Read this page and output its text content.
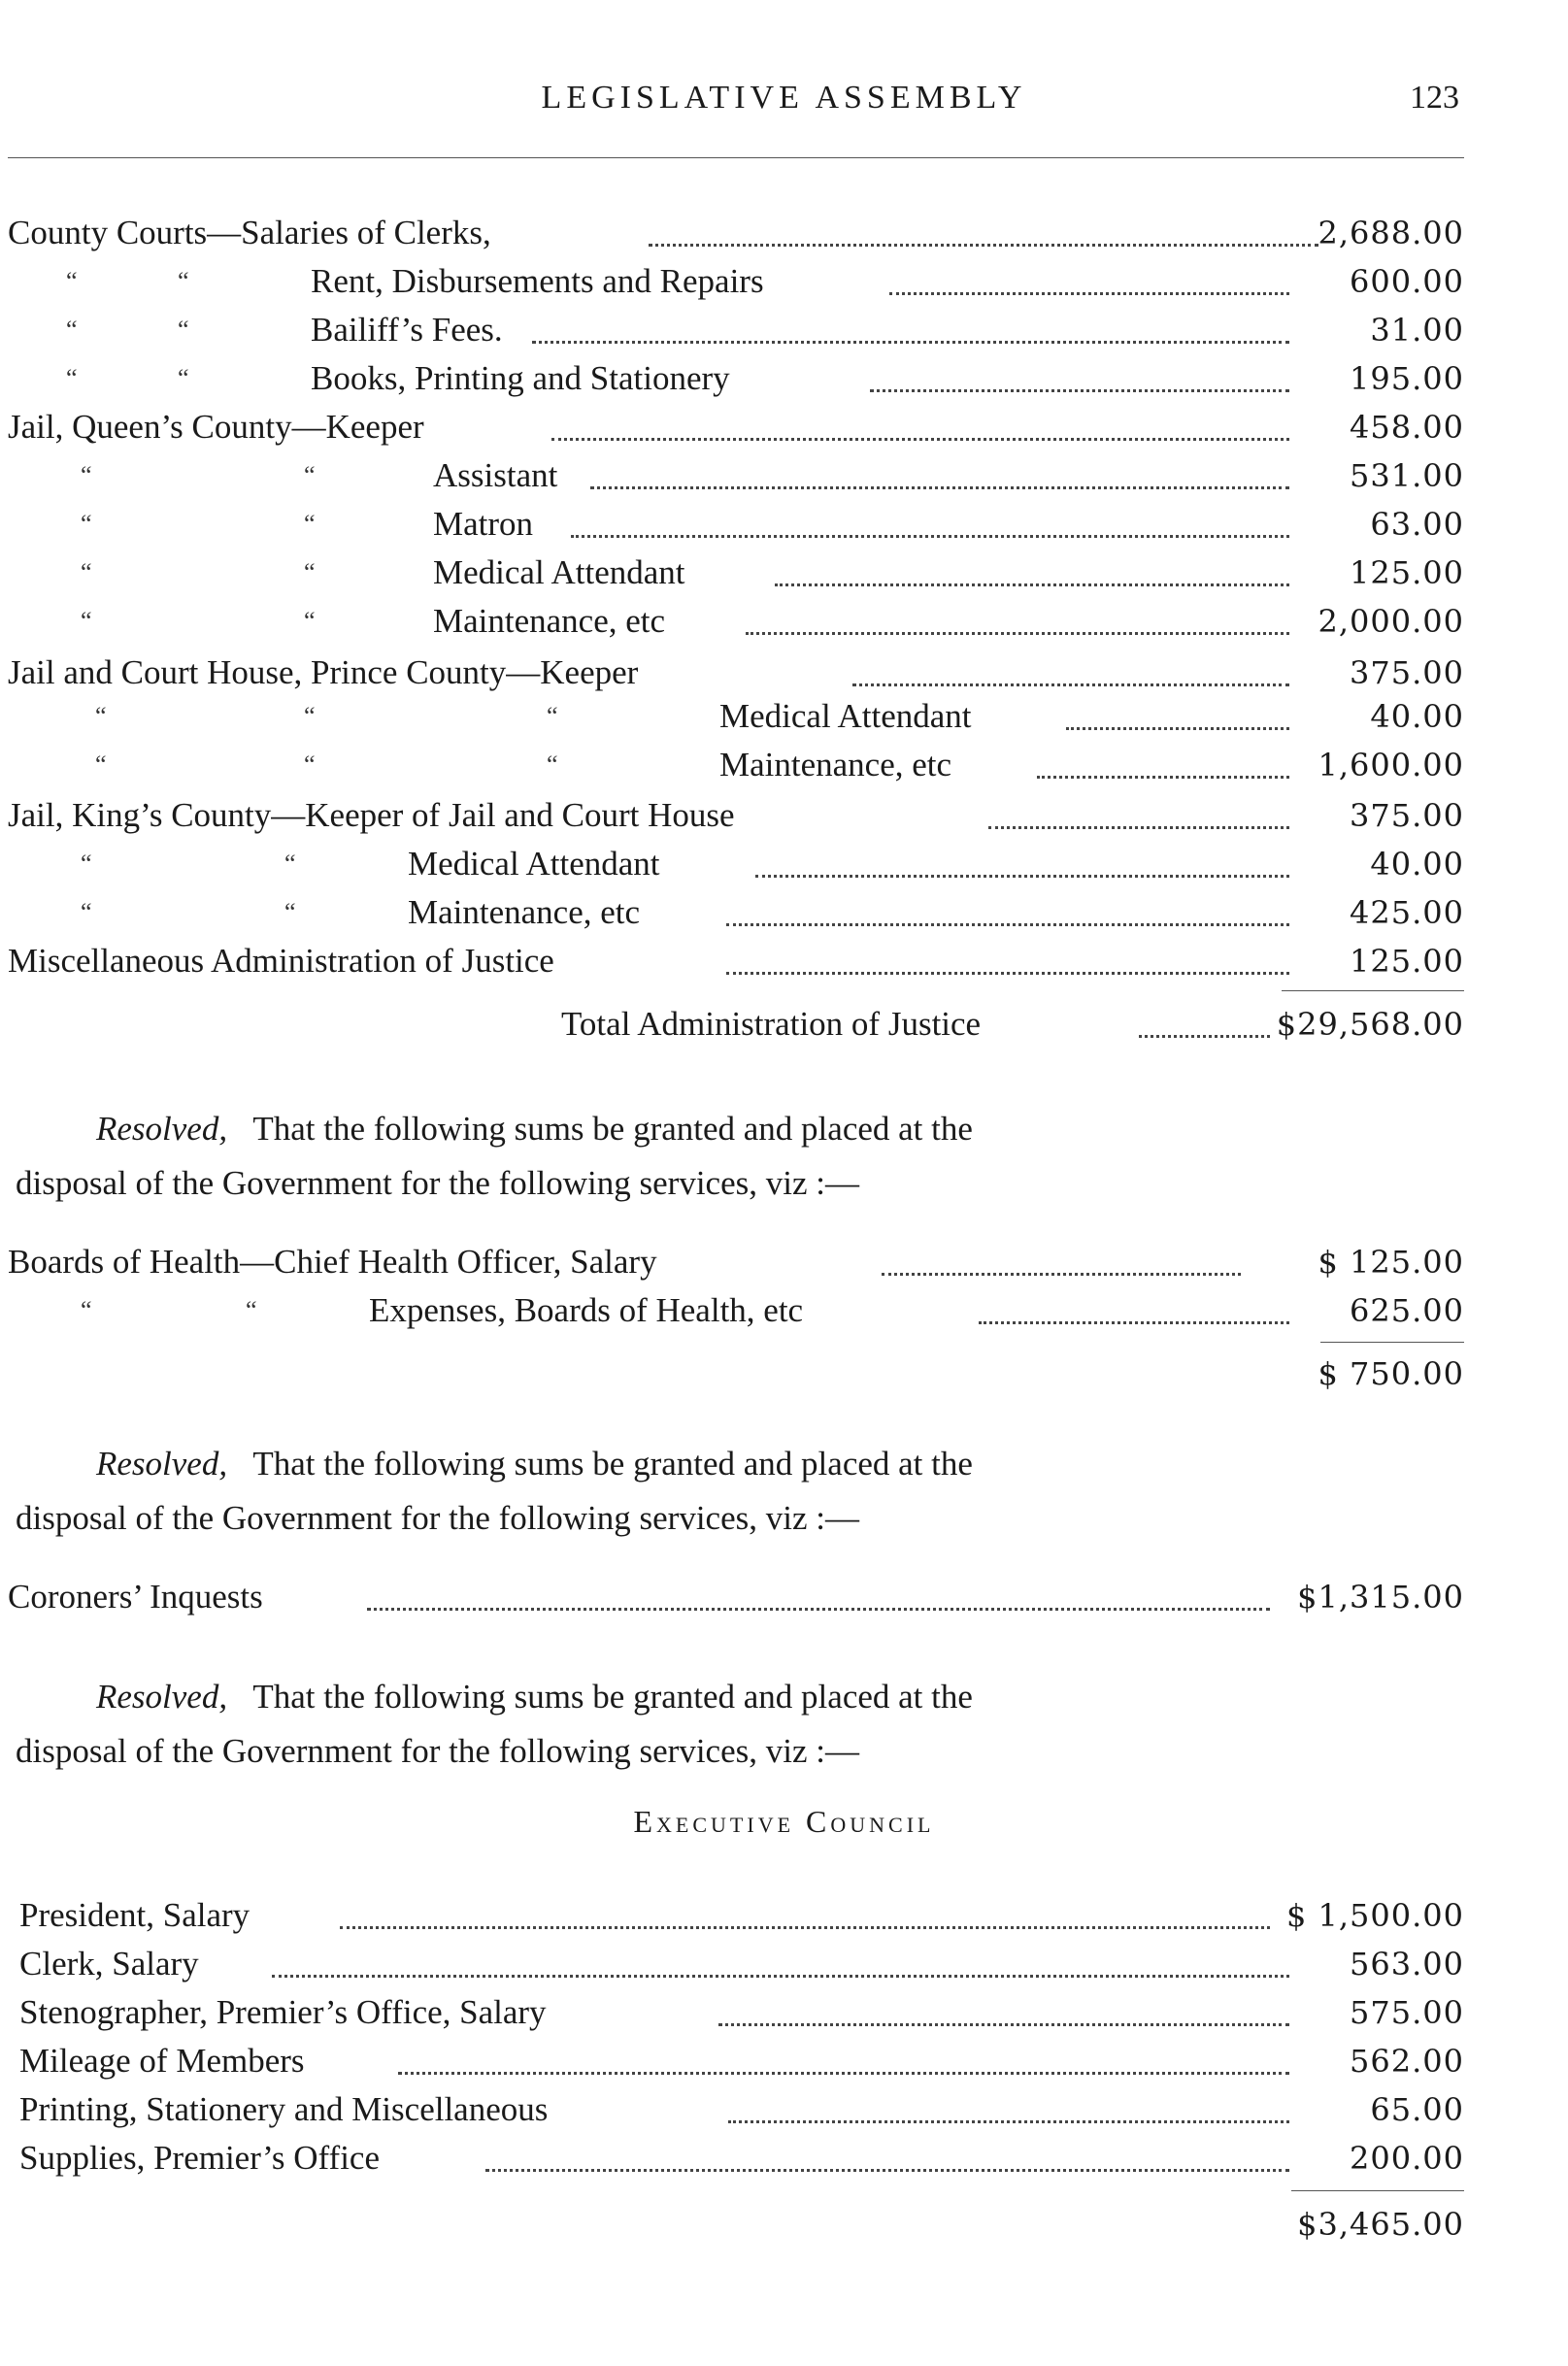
LEGISLATIVE ASSEMBLY	123
County Courts—Salaries of Clerks,	2,688.00
“	“	Rent, Disbursements and Repairs	600.00
“	“	Bailiff’s Fees.	31.00
“	“	Books, Printing and Stationery	195.00
Jail, Queen’s County—Keeper	458.00
“	“	Assistant	531.00
“	“	Matron	63.00
“	“	Medical Attendant	125.00
“	“	Maintenance, etc	2,000.00
Jail and Court House, Prince County—Keeper	375.00
“	“	“	Medical Attendant	40.00
“	“	“	Maintenance, etc	1,600.00
Jail, King’s County—Keeper of Jail and Court House	375.00
“	“	Medical Attendant	40.00
“	“	Maintenance, etc	425.00
Miscellaneous Administration of Justice	125.00
Total Administration of Justice	$29,568.00
Resolved, That the following sums be granted and placed at the
disposal of the Government for the following services, viz :—
Boards of Health—Chief Health Officer, Salary	$ 125.00
“	“	Expenses, Boards of Health, etc	625.00
$ 750.00
Resolved, That the following sums be granted and placed at the
disposal of the Government for the following services, viz :—
Coroners’ Inquests	$1,315.00
Resolved, That the following sums be granted and placed at the
disposal of the Government for the following services, viz :—
Executive Council
President, Salary	$ 1,500.00
Clerk, Salary	563.00
Stenographer, Premier’s Office, Salary	575.00
Mileage of Members	562.00
Printing, Stationery and Miscellaneous	65.00
Supplies, Premier’s Office	200.00
$3,465.00
